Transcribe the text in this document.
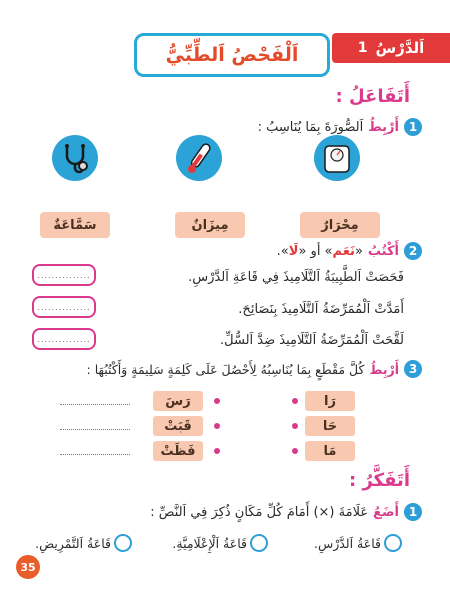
اَلدَّرْسُ
1
اَلْفَحْصُ اَلطِّبِّيُّ
أَتَفَاعَلُ :
1
أَرْبِطُ
اَلصُّورَةَ بِمَا يُنَاسِبُ :
سَمَّاعَةٌ	مِيزَانٌ	مِحْرَارٌ
2
أَكْتُبُ
«نَعَم» أو «لَا».
فَحَصَتْ اَلطَّبِيبَةُ اَلتَّلَامِيذَ فِي قَاعَةِ اَلدَّرْسِ.
أَمَدَّتْ اَلْمُمَرِّضَةُ اَلتَّلَامِيذَ بِنَصَائِحَ.
لَقَّحَتْ اَلْمُمَرِّضَةُ اَلتَّلَامِيذَ ضِدَّ اَلسُّلِّ.
...............
...............
...............
3
أَرْبِطُ
كُلَّ مَقْطَعٍ بِمَا يُنَاسِبُهُ لِأَحْصُلَ عَلَى كَلِمَةٍ سَلِيمَةٍ وَأَكْتُبُهَا :
رَا
رَسَ
حَا
قَبَتْ
مَا
فَظَتْ
أَتَفَكَّرُ :
1
أَضَعُ
عَلَامَةَ (×) أَمَامَ كُلِّ مَكَانٍ ذُكِرَ فِي اَلنَّصِّ :
قَاعَةُ اَلدَّرْسِ.
قَاعَةُ اَلْإِعْلَامِيَّةِ.
قَاعَةُ اَلتَّمْرِيضِ.
35
